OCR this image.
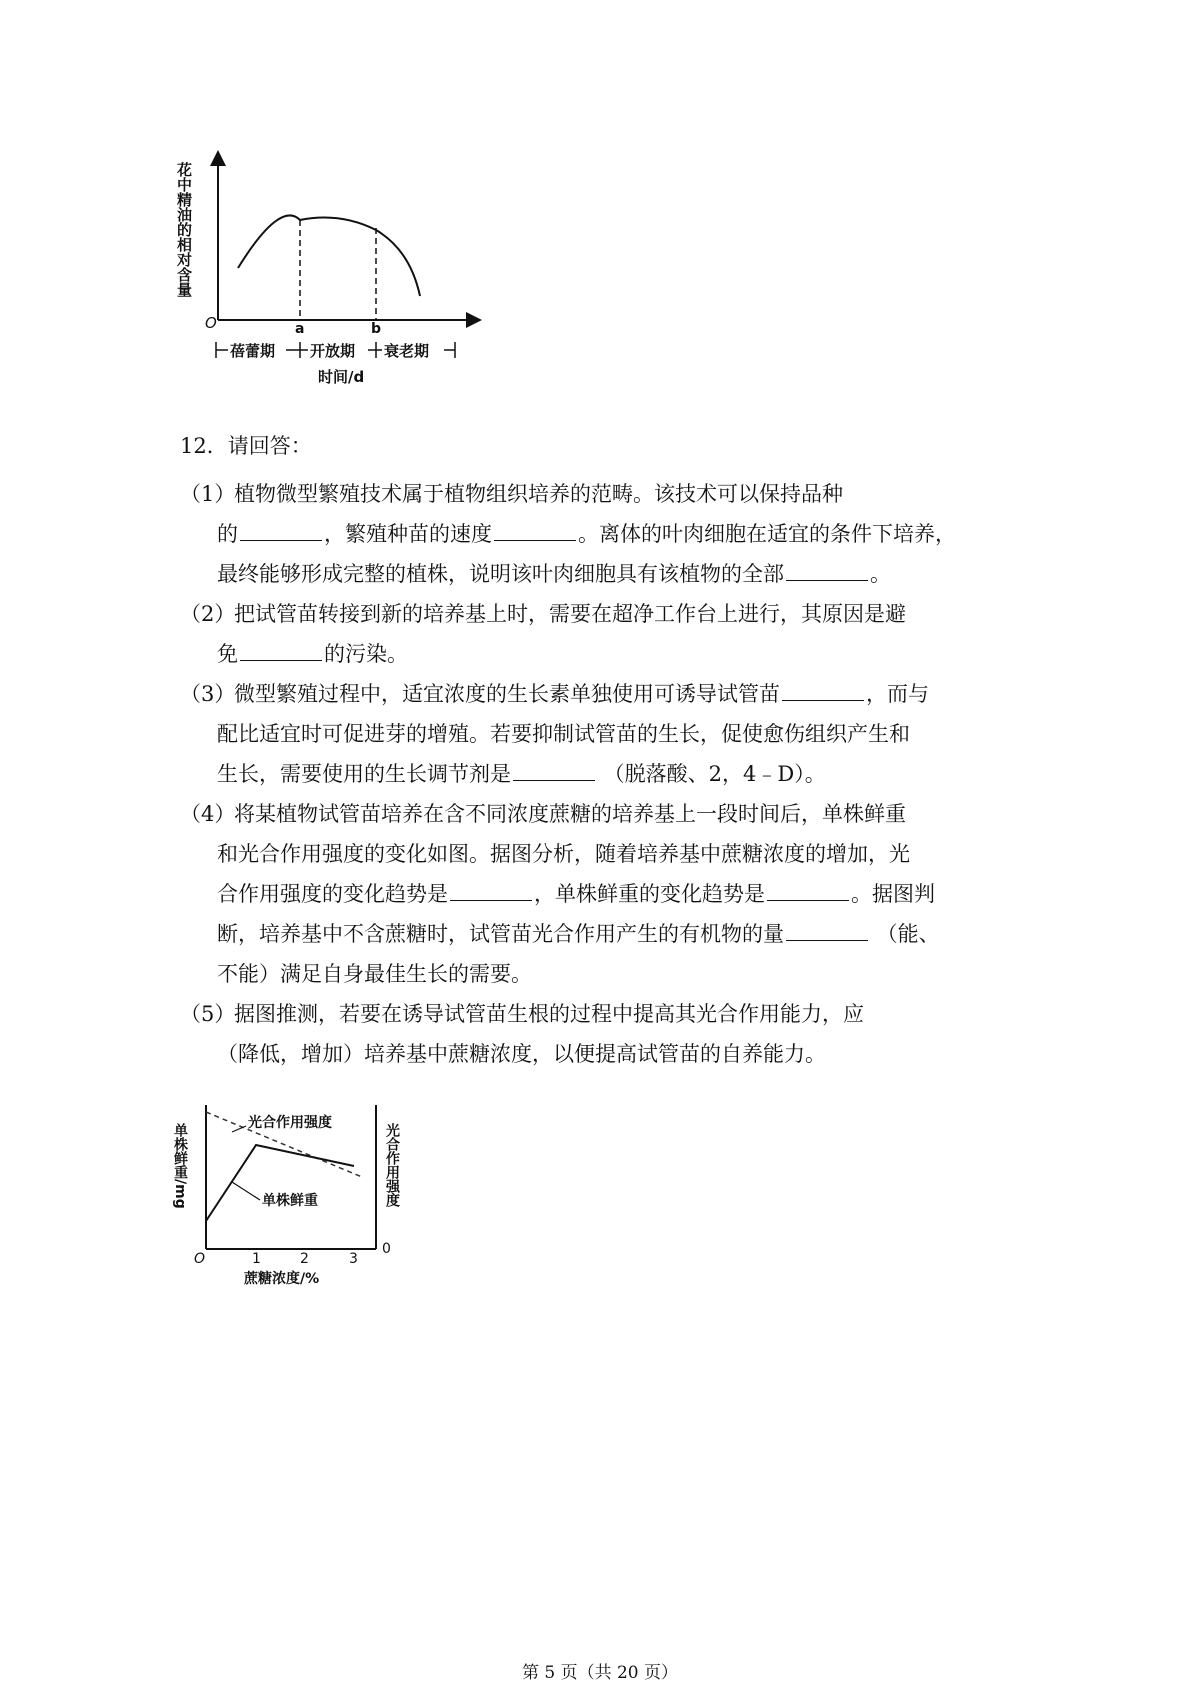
花中精油的相对含量
O	a	b
蓓蕾期 开放期 衰老期
时间/d
12．请回答：
（1）
植物微型繁殖技术属于植物组织培养的范畴。该技术可以保持品种
的	，繁殖种苗的速度	。离体的叶肉细胞在适宜的条件下培养，
最终能够形成完整的植株，说明该叶肉细胞具有该植物的全部	。
（2）
把试管苗转接到新的培养基上时，需要在超净工作台上进行，其原因是避
免	的污染。
（3）
微型繁殖过程中，适宜浓度的生长素单独使用可诱导试管苗	，而与
配比适宜时可促进芽的增殖。若要抑制试管苗的生长，促使愈伤组织产生和
生长，需要使用的生长调节剂是	（脱落酸、2，4﹣D）。
（4）
将某植物试管苗培养在含不同浓度蔗糖的培养基上一段时间后，单株鲜重
和光合作用强度的变化如图。据图分析，随着培养基中蔗糖浓度的增加，光
合作用强度的变化趋势是	，单株鲜重的变化趋势是	。据图判
断，培养基中不含蔗糖时，试管苗光合作用产生的有机物的量	（能、
不能）满足自身最佳生长的需要。
（5）
据图推测，若要在诱导试管苗生根的过程中提高其光合作用能力，应
（降低，增加）培养基中蔗糖浓度，以便提高试管苗的自养能力。
单株鲜重/mg	光合作用强度
O
0
1	2	3
蔗糖浓度/%
光合作用强度
单株鲜重
第 5 页（共 20 页）
